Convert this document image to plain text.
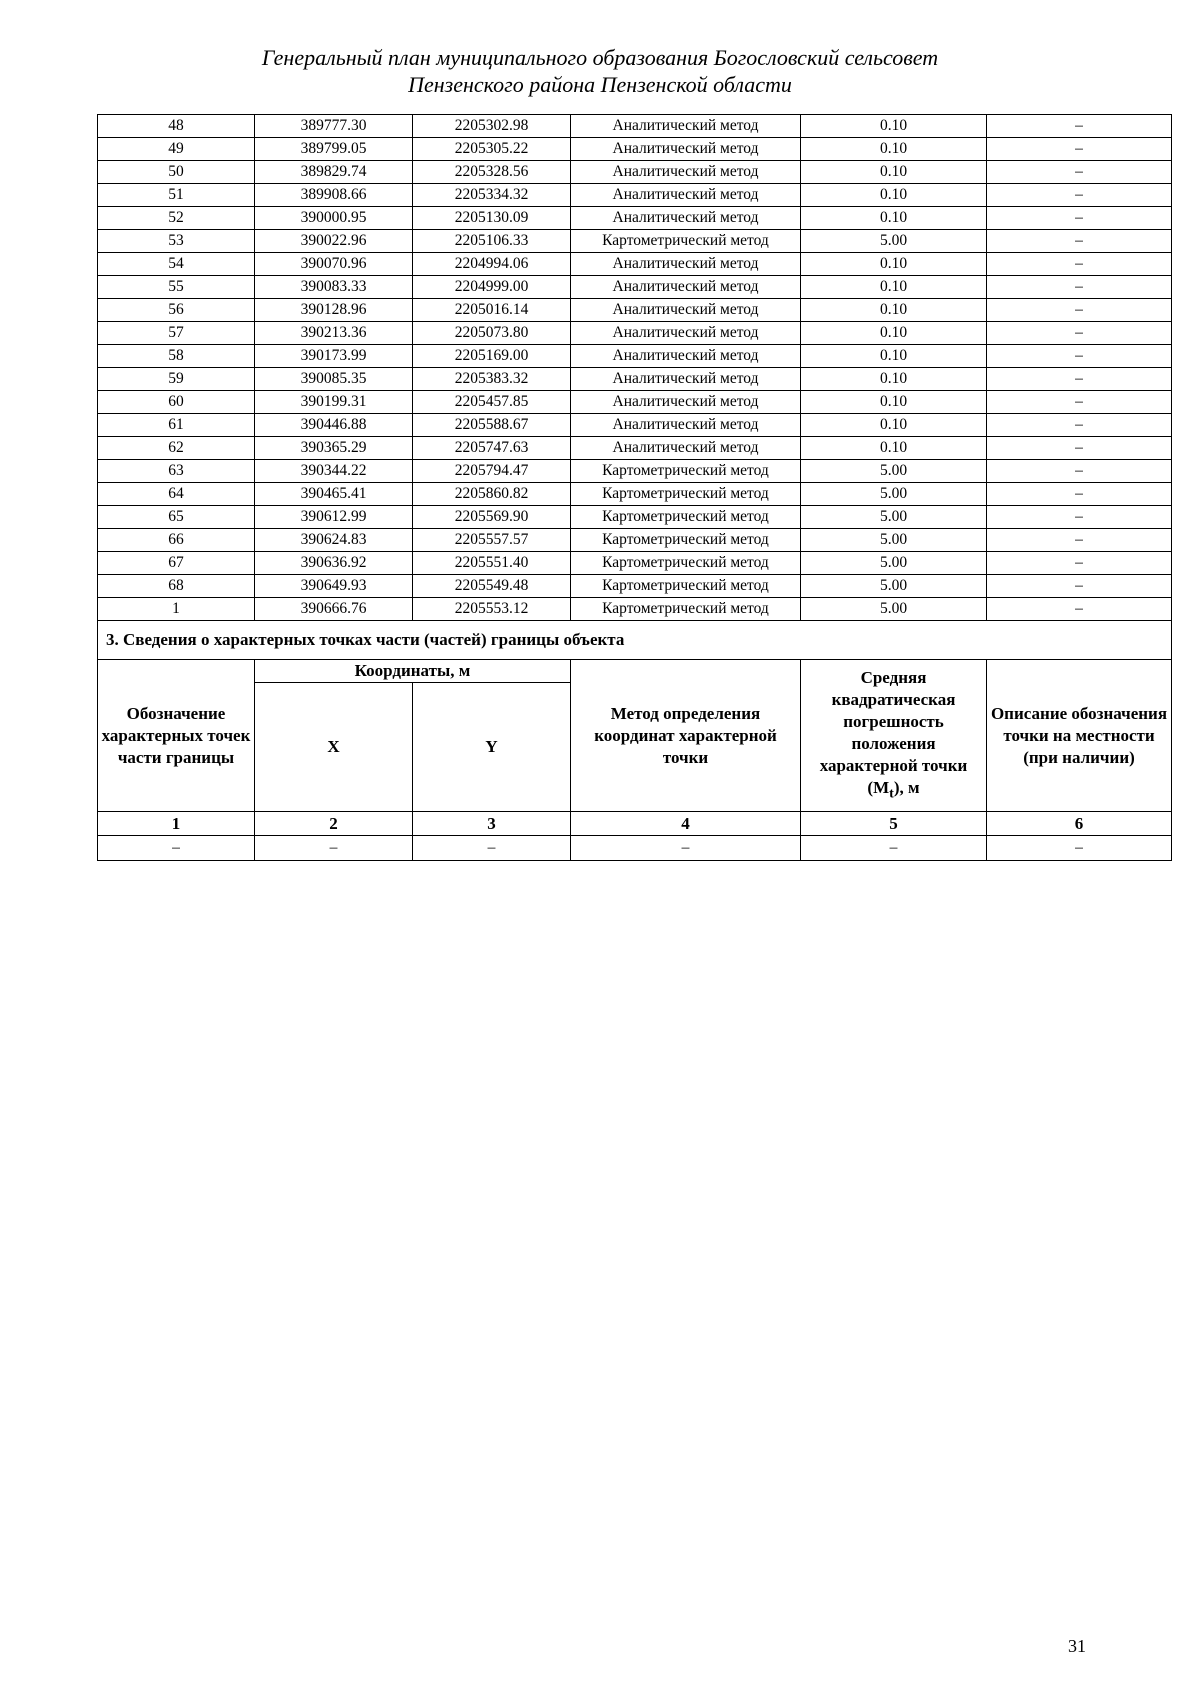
Генеральный план муниципального образования Богословский сельсовет
Пензенского района Пензенской области
48	389777.30	2205302.98	Аналитический метод	0.10	–
49	389799.05	2205305.22	Аналитический метод	0.10	–
50	389829.74	2205328.56	Аналитический метод	0.10	–
51	389908.66	2205334.32	Аналитический метод	0.10	–
52	390000.95	2205130.09	Аналитический метод	0.10	–
53	390022.96	2205106.33	Картометрический метод	5.00	–
54	390070.96	2204994.06	Аналитический метод	0.10	–
55	390083.33	2204999.00	Аналитический метод	0.10	–
56	390128.96	2205016.14	Аналитический метод	0.10	–
57	390213.36	2205073.80	Аналитический метод	0.10	–
58	390173.99	2205169.00	Аналитический метод	0.10	–
59	390085.35	2205383.32	Аналитический метод	0.10	–
60	390199.31	2205457.85	Аналитический метод	0.10	–
61	390446.88	2205588.67	Аналитический метод	0.10	–
62	390365.29	2205747.63	Аналитический метод	0.10	–
63	390344.22	2205794.47	Картометрический метод	5.00	–
64	390465.41	2205860.82	Картометрический метод	5.00	–
65	390612.99	2205569.90	Картометрический метод	5.00	–
66	390624.83	2205557.57	Картометрический метод	5.00	–
67	390636.92	2205551.40	Картометрический метод	5.00	–
68	390649.93	2205549.48	Картометрический метод	5.00	–
1	390666.76	2205553.12	Картометрический метод	5.00	–
3. Сведения о характерных точках части (частей) границы объекта					
Обозначение характерных точек части границы	Координаты, м		Метод определения координат характерной точки	Средняя квадратическая погрешность положения характерной точки $(M_t)$, м	Описание обозначения точки на местности (при наличии)
	X	Y			
1	2	3	4	5	6
–	–	–	–	–	–
31
